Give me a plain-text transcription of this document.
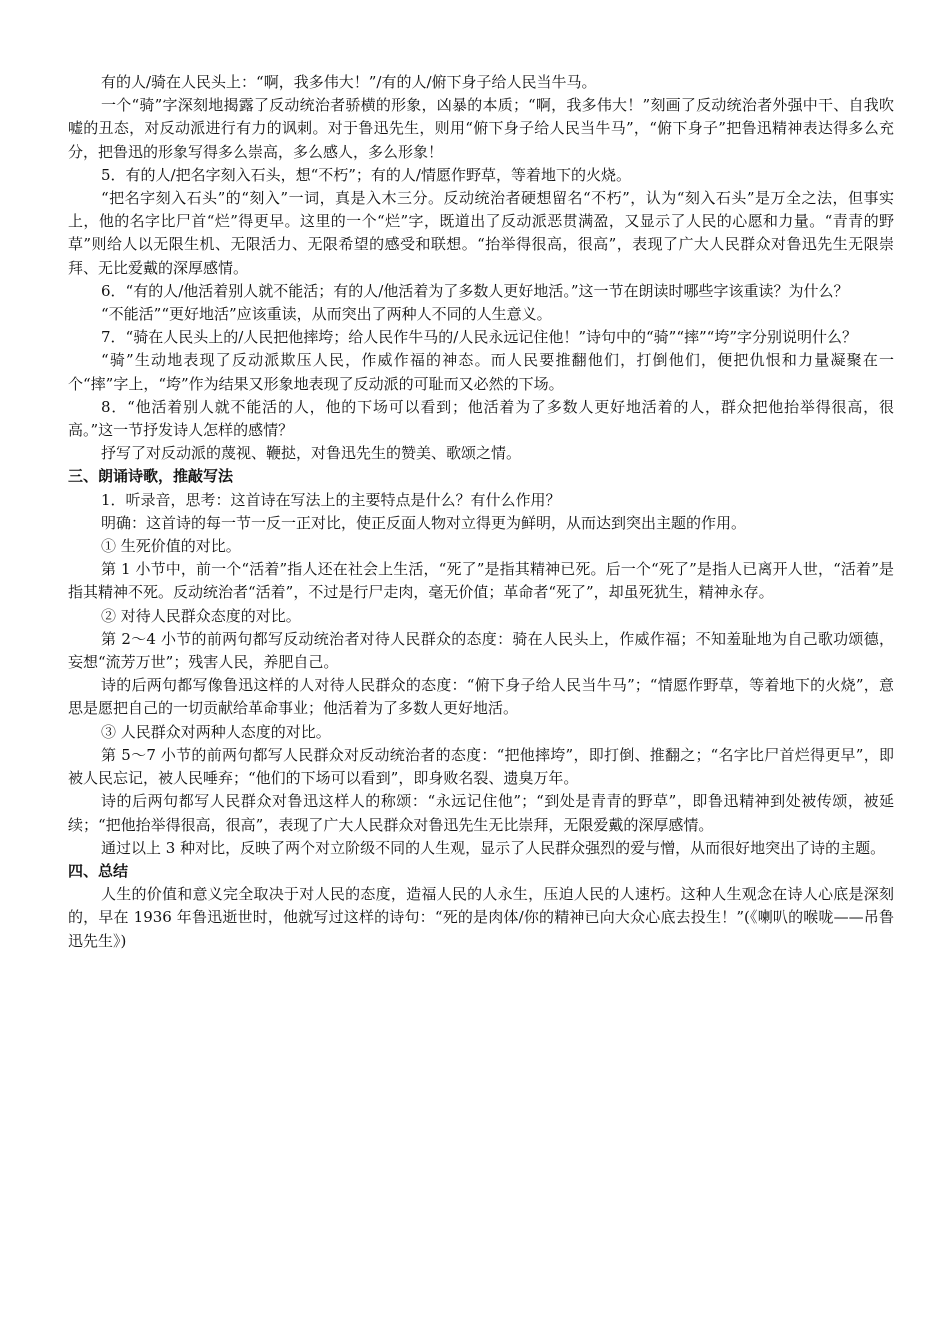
有的人/骑在人民头上：“啊，我多伟大！”/有的人/俯下身子给人民当牛马。

一个“骑”字深刻地揭露了反动统治者骄横的形象，凶暴的本质；“啊，我多伟大！”刻画了反动统治者外强中干、自我吹嘘的丑态，对反动派进行有力的讽刺。对于鲁迅先生，则用“俯下身子给人民当牛马”，“俯下身子”把鲁迅精神表达得多么充分，把鲁迅的形象写得多么崇高，多么感人，多么形象！

5．有的人/把名字刻入石头，想“不朽”；有的人/情愿作野草，等着地下的火烧。

“把名字刻入石头”的“刻入”一词，真是入木三分。反动统治者硬想留名“不朽”，认为“刻入石头”是万全之法，但事实上，他的名字比尸首“烂”得更早。这里的一个“烂”字，既道出了反动派恶贯满盈，又显示了人民的心愿和力量。“青青的野草”则给人以无限生机、无限活力、无限希望的感受和联想。“抬举得很高，很高”，表现了广大人民群众对鲁迅先生无限崇拜、无比爱戴的深厚感情。

6．“有的人/他活着别人就不能活；有的人/他活着为了多数人更好地活。”这一节在朗读时哪些字该重读？为什么？

“不能活”“更好地活”应该重读，从而突出了两种人不同的人生意义。

7．“骑在人民头上的/人民把他摔垮；给人民作牛马的/人民永远记住他！”诗句中的“骑”“摔”“垮”字分别说明什么？

“骑”生动地表现了反动派欺压人民，作威作福的神态。而人民要推翻他们，打倒他们，便把仇恨和力量凝聚在一个“摔”字上，“垮”作为结果又形象地表现了反动派的可耻而又必然的下场。

8．“他活着别人就不能活的人，他的下场可以看到；他活着为了多数人更好地活着的人，群众把他抬举得很高，很高。”这一节抒发诗人怎样的感情？

抒写了对反动派的蔑视、鞭挞，对鲁迅先生的赞美、歌颂之情。

三、朗诵诗歌，推敲写法

1．听录音，思考：这首诗在写法上的主要特点是什么？有什么作用？

明确：这首诗的每一节一反一正对比，使正反面人物对立得更为鲜明，从而达到突出主题的作用。

① 生死价值的对比。

第 1 小节中，前一个“活着”指人还在社会上生活，“死了”是指其精神已死。后一个“死了”是指人已离开人世，“活着”是指其精神不死。反动统治者“活着”，不过是行尸走肉，毫无价值；革命者“死了”，却虽死犹生，精神永存。

② 对待人民群众态度的对比。

第 2～4 小节的前两句都写反动统治者对待人民群众的态度：骑在人民头上，作威作福；不知羞耻地为自己歌功颂德，妄想“流芳万世”；残害人民，养肥自己。

诗的后两句都写像鲁迅这样的人对待人民群众的态度：“俯下身子给人民当牛马”；“情愿作野草，等着地下的火烧”，意思是愿把自己的一切贡献给革命事业；他活着为了多数人更好地活。

③ 人民群众对两种人态度的对比。

第 5～7 小节的前两句都写人民群众对反动统治者的态度：“把他摔垮”，即打倒、推翻之；“名字比尸首烂得更早”，即被人民忘记，被人民唾弃；“他们的下场可以看到”，即身败名裂、遗臭万年。

诗的后两句都写人民群众对鲁迅这样人的称颂：“永远记住他”；“到处是青青的野草”，即鲁迅精神到处被传颂，被延续；“把他抬举得很高，很高”，表现了广大人民群众对鲁迅先生无比崇拜，无限爱戴的深厚感情。

通过以上 3 种对比，反映了两个对立阶级不同的人生观，显示了人民群众强烈的爱与憎，从而很好地突出了诗的主题。

四、总结

人生的价值和意义完全取决于对人民的态度，造福人民的人永生，压迫人民的人速朽。这种人生观念在诗人心底是深刻的，早在 1936 年鲁迅逝世时，他就写过这样的诗句：“死的是肉体/你的精神已向大众心底去投生！”(《喇叭的喉咙——吊鲁迅先生》)
